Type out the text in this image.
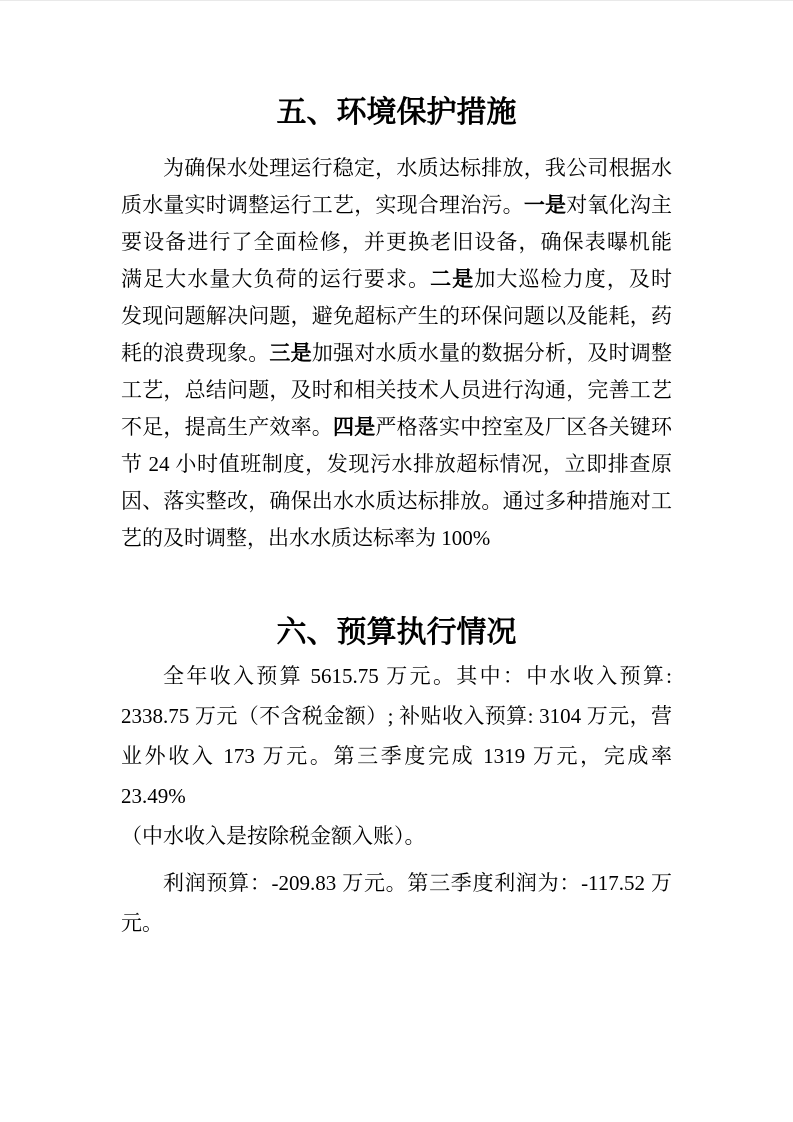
五、环境保护措施
为确保水处理运行稳定，水质达标排放，我公司根据水
质水量实时调整运行工艺，实现合理治污。一是对氧化沟主
要设备进行了全面检修，并更换老旧设备，确保表曝机能
满足大水量大负荷的运行要求。二是加大巡检力度，及时
发现问题解决问题，避免超标产生的环保问题以及能耗，药
耗的浪费现象。三是加强对水质水量的数据分析，及时调整
工艺，总结问题，及时和相关技术人员进行沟通，完善工艺
不足，提高生产效率。四是严格落实中控室及厂区各关键环
节 24 小时值班制度，发现污水排放超标情况，立即排查原
因、落实整改，确保出水水质达标排放。通过多种措施对工
艺的及时调整，出水水质达标率为 100%
六、预算执行情况
全年收入预算 5615.75 万元。其中：中水收入预算:
2338.75 万元（不含税金额）; 补贴收入预算: 3104 万元，营
业外收入 173 万元。第三季度完成 1319 万元，完成率 23.49%
（中水收入是按除税金额入账）。
利润预算：-209.83 万元。第三季度利润为：-117.52 万
元。
